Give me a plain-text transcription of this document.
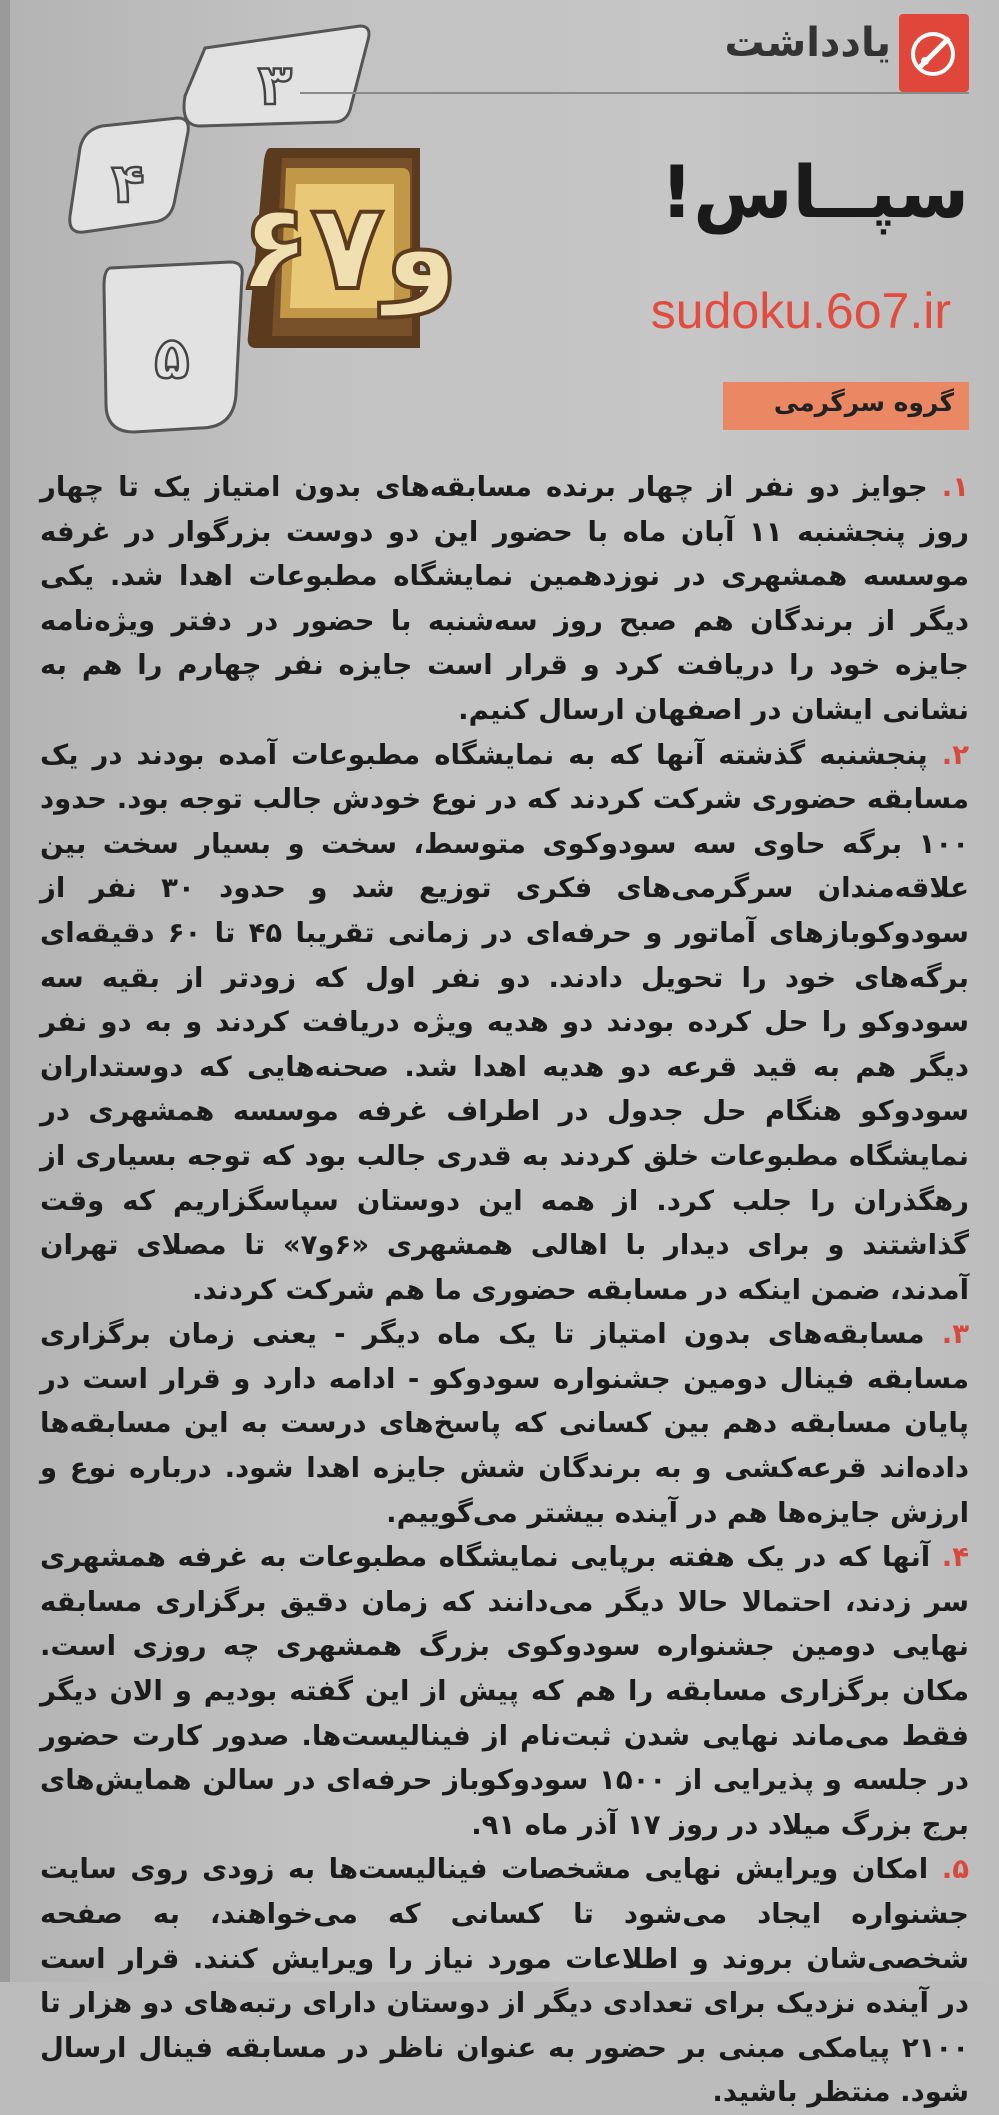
۳
۴
۵
۶و۷
یادداشت
سپــاس!
sudoku.6o7.ir
گروه سرگرمی

۱. جوایز دو نفر از چهار برنده مسابقه‌های بدون امتیاز یک تا چهار روز پنجشنبه ۱۱ آبان ماه با حضور این دو دوست بزرگوار در غرفه موسسه همشهری در نوزدهمین نمایشگاه مطبوعات اهدا شد. یکی دیگر از برندگان هم صبح روز سه‌شنبه با حضور در دفتر ویژه‌نامه جایزه خود را دریافت کرد و قرار است جایزه نفر چهارم را هم به نشانی ایشان در اصفهان ارسال کنیم.

۲. پنجشنبه گذشته آنها که به نمایشگاه مطبوعات آمده بودند در یک مسابقه حضوری شرکت کردند که در نوع خودش جالب توجه بود. حدود ۱۰۰ برگه حاوی سه سودوکوی متوسط، سخت و بسیار سخت بین علاقه‌مندان سرگرمی‌های فکری توزیع شد و حدود ۳۰ نفر از سودوکوبازهای آماتور و حرفه‌ای در زمانی تقریبا ۴۵ تا ۶۰ دقیقه‌ای برگه‌های خود را تحویل دادند. دو نفر اول که زودتر از بقیه سه سودوکو را حل کرده بودند دو هدیه ویژه دریافت کردند و به دو نفر دیگر هم به قید قرعه دو هدیه اهدا شد. صحنه‌هایی که دوستداران سودوکو هنگام حل جدول در اطراف غرفه موسسه همشهری در نمایشگاه مطبوعات خلق کردند به قدری جالب بود که توجه بسیاری از رهگذران را جلب کرد. از همه این دوستان سپاسگزاریم که وقت گذاشتند و برای دیدار با اهالی همشهری «۶و۷» تا مصلای تهران آمدند، ضمن اینکه در مسابقه حضوری ما هم شرکت کردند.

۳. مسابقه‌های بدون امتیاز تا یک ماه دیگر - یعنی زمان برگزاری مسابقه فینال دومین جشنواره سودوکو - ادامه دارد و قرار است در پایان مسابقه دهم بین کسانی که پاسخ‌های درست به این مسابقه‌ها داده‌اند قرعه‌کشی و به برندگان شش جایزه اهدا شود. درباره نوع و ارزش جایزه‌ها هم در آینده بیشتر می‌گوییم.

۴. آنها که در یک هفته برپایی نمایشگاه مطبوعات به غرفه همشهری سر زدند، احتمالا حالا دیگر می‌دانند که زمان دقیق برگزاری مسابقه نهایی دومین جشنواره سودوکوی بزرگ همشهری چه روزی است. مکان برگزاری مسابقه را هم که پیش از این گفته بودیم و الان دیگر فقط می‌ماند نهایی شدن ثبت‌نام از فینالیست‌ها. صدور کارت حضور در جلسه و پذیرایی از ۱۵۰۰ سودوکوباز حرفه‌ای در سالن همایش‌های برج بزرگ میلاد در روز ۱۷ آذر ماه ۹۱.

۵. امکان ویرایش نهایی مشخصات فینالیست‌ها به زودی روی سایت جشنواره ایجاد می‌شود تا کسانی که می‌خواهند، به صفحه شخصی‌شان بروند و اطلاعات مورد نیاز را ویرایش کنند. قرار است در آینده نزدیک برای تعدادی دیگر از دوستان دارای رتبه‌های دو هزار تا ۲۱۰۰ پیامکی مبنی بر حضور به عنوان ناظر در مسابقه فینال ارسال شود. منتظر باشید.
